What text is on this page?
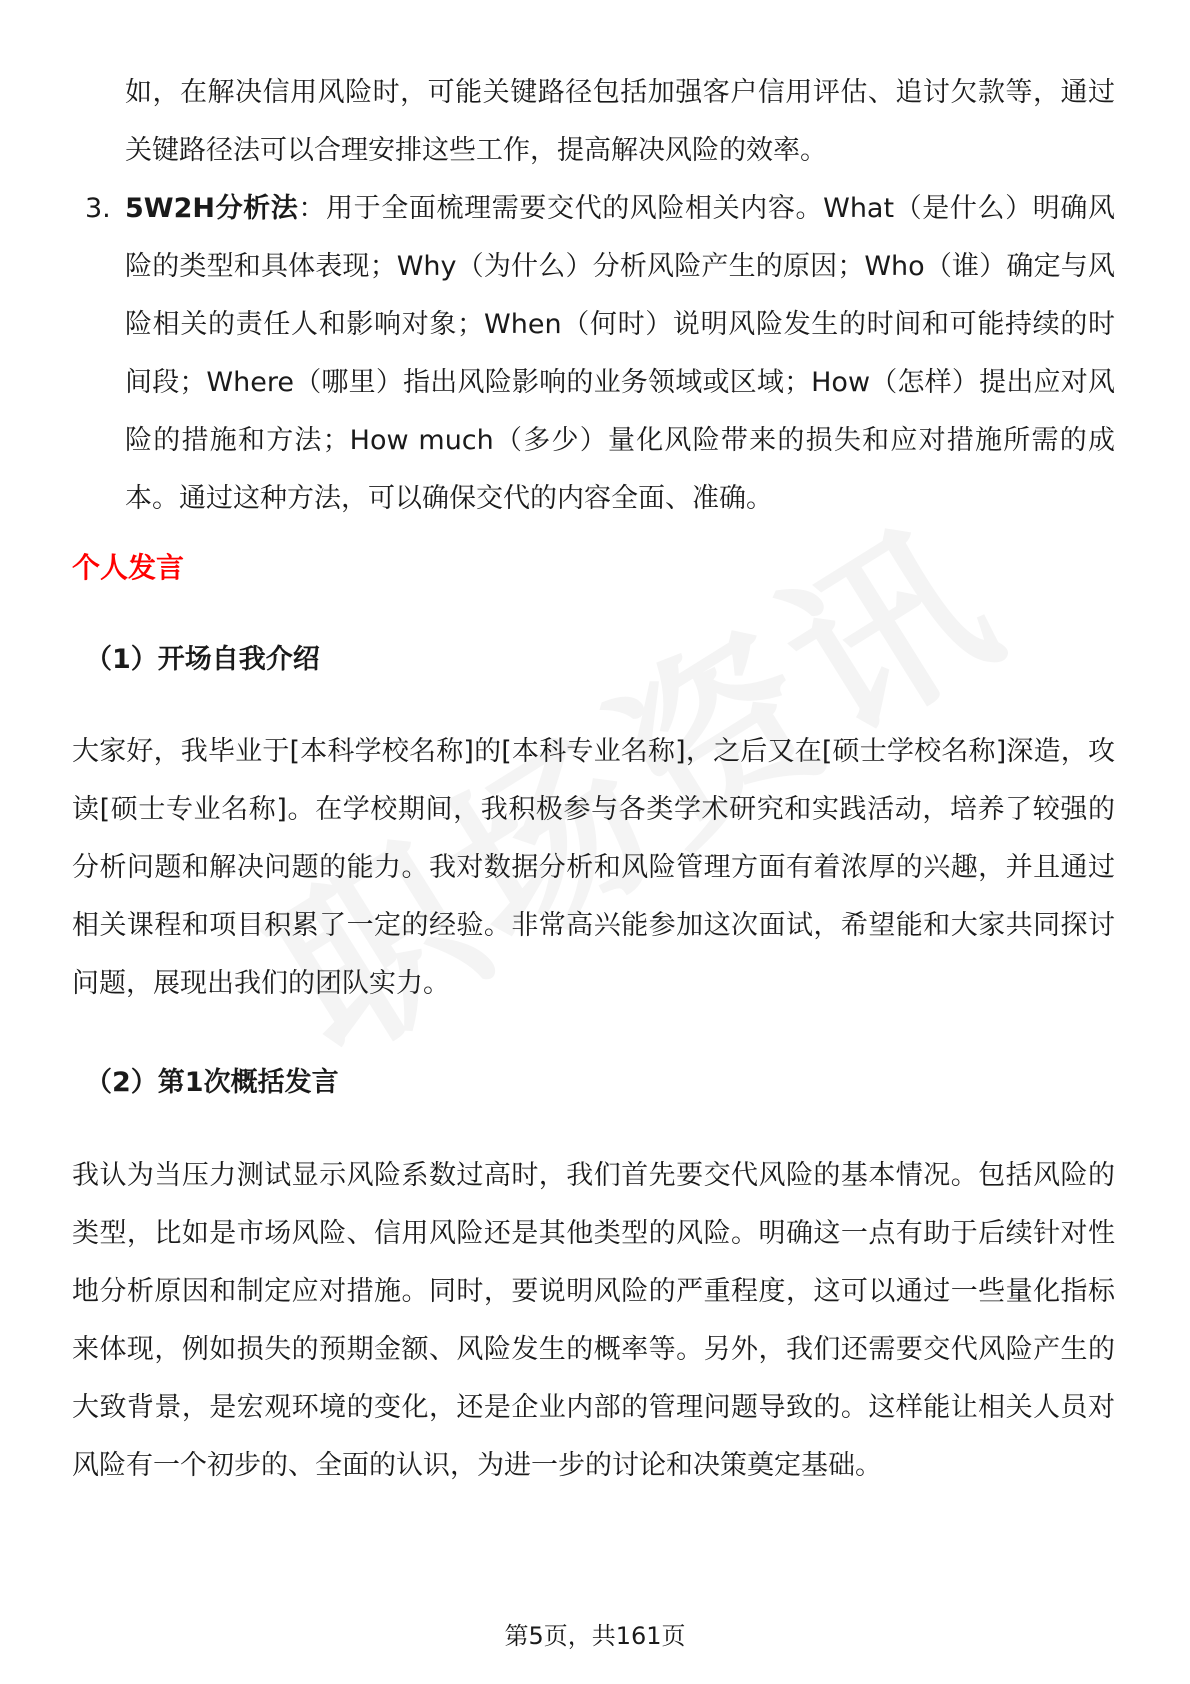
如，在解决信用风险时，可能关键路径包括加强客户信用评估、追讨欠款等，通过关键路径法可以合理安排这些工作，提高解决风险的效率。

3. 5W2H分析法：用于全面梳理需要交代的风险相关内容。What（是什么）明确风险的类型和具体表现；Why（为什么）分析风险产生的原因；Who（谁）确定与风险相关的责任人和影响对象；When（何时）说明风险发生的时间和可能持续的时间段；Where（哪里）指出风险影响的业务领域或区域；How（怎样）提出应对风险的措施和方法；How much（多少）量化风险带来的损失和应对措施所需的成本。通过这种方法，可以确保交代的内容全面、准确。

个人发言
（1）开场自我介绍

大家好，我毕业于[本科学校名称]的[本科专业名称]，之后又在[硕士学校名称]深造，攻读[硕士专业名称]。在学校期间，我积极参与各类学术研究和实践活动，培养了较强的分析问题和解决问题的能力。我对数据分析和风险管理方面有着浓厚的兴趣，并且通过相关课程和项目积累了一定的经验。非常高兴能参加这次面试，希望能和大家共同探讨问题，展现出我们的团队实力。

（2）第1次概括发言

我认为当压力测试显示风险系数过高时，我们首先要交代风险的基本情况。包括风险的类型，比如是市场风险、信用风险还是其他类型的风险。明确这一点有助于后续针对性地分析原因和制定应对措施。同时，要说明风险的严重程度，这可以通过一些量化指标来体现，例如损失的预期金额、风险发生的概率等。另外，我们还需要交代风险产生的大致背景，是宏观环境的变化，还是企业内部的管理问题导致的。这样能让相关人员对风险有一个初步的、全面的认识，为进一步的讨论和决策奠定基础。

第5页，共161页
